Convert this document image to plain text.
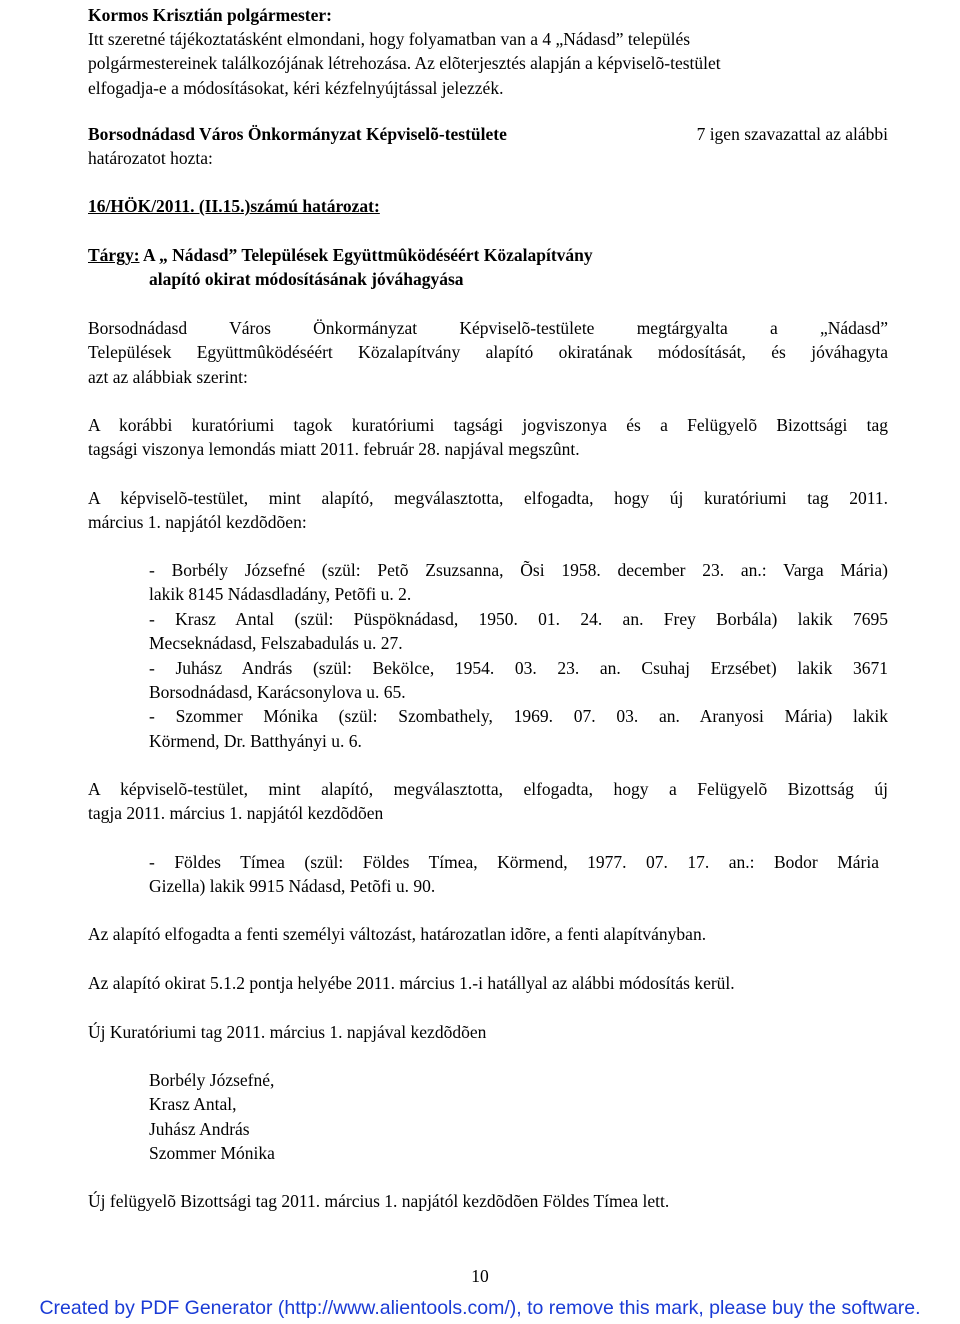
Kormos Krisztián polgármester:

Itt szeretné tájékoztatásként elmondani, hogy folyamatban van a 4 „Nádasd” település

polgármestereinek találkozójának létrehozása. Az elõterjesztés alapján a képviselõ-testület

elfogadja-e a módosításokat, kéri kézfelnyújtással jelezzék.

Borsodnádasd Város Önkormányzat Képviselõ-testülete	7 igen szavazattal az alábbi

határozatot hozta:

16/HÖK/2011. (II.15.)számú határozat:

Tárgy: A „ Nádasd” Települések Együttmûködéséért Közalapítvány

alapító okirat módosításának jóváhagyása

Borsodnádasd Város Önkormányzat Képviselõ-testülete megtárgyalta a „Nádasd”

Települések Együttmûködéséért Közalapítvány alapító okiratának módosítását, és jóváhagyta

azt az alábbiak szerint:

A korábbi kuratóriumi tagok kuratóriumi tagsági jogviszonya és a Felügyelõ Bizottsági tag

tagsági viszonya lemondás miatt 2011. február 28. napjával megszûnt.

A képviselõ-testület, mint alapító, megválasztotta, elfogadta, hogy új kuratóriumi tag 2011.

március 1. napjától kezdõdõen:

- Borbély Józsefné (szül: Petõ Zsuzsanna, Õsi 1958. december 23. an.: Varga Mária)

lakik 8145 Nádasdladány, Petõfi u. 2.

- Krasz Antal (szül: Püspöknádasd, 1950. 01. 24. an. Frey Borbála) lakik 7695

Mecseknádasd, Felszabadulás u. 27.

- Juhász András (szül: Bekölce, 1954. 03. 23. an. Csuhaj Erzsébet) lakik 3671

Borsodnádasd, Karácsonylova u. 65.

- Szommer Mónika (szül: Szombathely, 1969. 07. 03. an. Aranyosi Mária) lakik

Körmend, Dr. Batthyányi u. 6.

A képviselõ-testület, mint alapító, megválasztotta, elfogadta, hogy a Felügyelõ Bizottság új

tagja 2011. március 1. napjától kezdõdõen

- Földes Tímea (szül: Földes Tímea, Körmend, 1977. 07. 17. an.: Bodor Mária

Gizella) lakik 9915 Nádasd, Petõfi u. 90.

Az alapító elfogadta a fenti személyi változást, határozatlan idõre, a fenti alapítványban.

Az alapító okirat 5.1.2 pontja helyébe 2011. március 1.-i hatállyal az alábbi módosítás kerül.

Új Kuratóriumi tag 2011. március 1. napjával kezdõdõen

Borbély Józsefné,

Krasz Antal,

Juhász András

Szommer Mónika

Új felügyelõ Bizottsági tag 2011. március 1. napjától kezdõdõen Földes Tímea lett.

10
Created by PDF Generator (http://www.alientools.com/), to remove this mark, please buy the software.
